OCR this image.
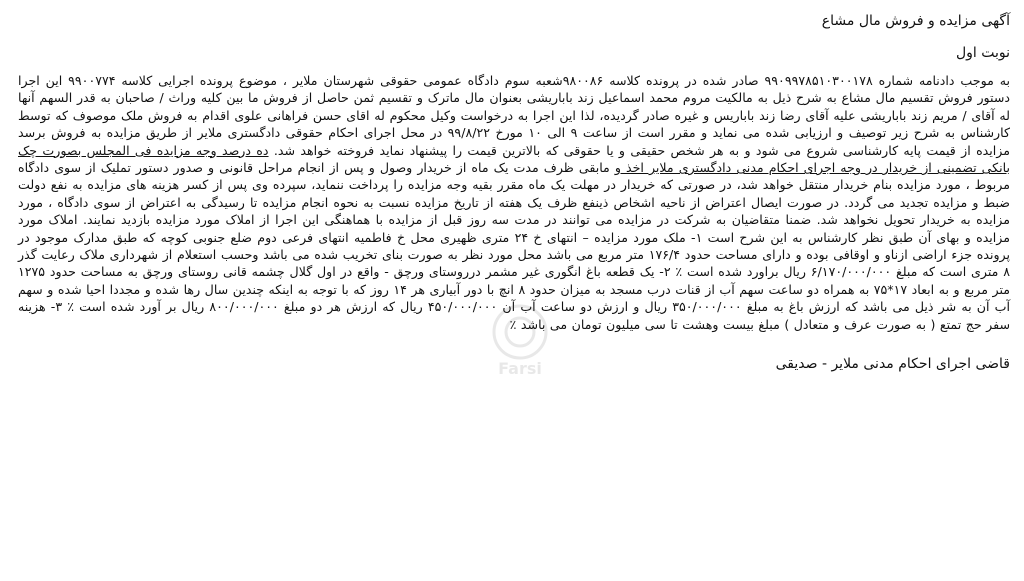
آگهی مزایده و فروش مال مشاع
نوبت اول
به موجب دادنامه شماره ۹۹۰۹۹۷۸۵۱۰۳۰۰۱۷۸ صادر شده در پرونده کلاسه ۹۸۰۰۸۶شعبه سوم دادگاه عمومی حقوقی شهرستان ملایر ، موضوع پرونده اجرایی کلاسه ۹۹۰۰۷۷۴ این اجرا دستور فروش تقسیم مال مشاع به شرح ذیل به مالکیت مروم محمد اسماعیل زند باباریشی بعنوان مال ماترک و تقسیم ثمن حاصل از فروش ما بین کلیه وراث / صاحبان به قدر السهم آنها له آقای / مریم زند باباریشی علیه آقای رضا زند باباریس و غیره صادر گردیده، لذا این اجرا به درخواست وکیل محکوم له اقای حسن فراهانی علوی اقدام به فروش ملک موصوف که توسط کارشناس به شرح زیر توصیف و ارزیابی شده می نماید و مقرر است از ساعت ۹ الی ۱۰ مورخ ۹۹/۸/۲۲ در محل اجرای احکام حقوقی دادگستری ملایر از طریق مزایده به فروش برسد مزایده از قیمت پایه کارشناسی شروع می شود و به هر شخص حقیقی و یا حقوقی که بالاترین قیمت را پیشنهاد نماید فروخته خواهد شد. ده درصد وجه مزایده فی المجلس بصورت چک بانکی تضمینی از خریدار در وجه اجرای احکام مدنی دادگستری ملایر اخذ و مابقی ظرف مدت یک ماه از خریدار وصول و پس از انجام مراحل قانونی و صدور دستور تملیک از سوی دادگاه مربوط ، مورد مزایده بنام خریدار منتقل خواهد شد، در صورتی که خریدار در مهلت یک ماه مقرر بقیه وجه مزایده را پرداخت ننماید، سپرده وی پس از کسر هزینه های مزایده به نفع دولت ضبط و مزایده تجدید می گردد. در صورت ایصال اعتراض از ناحیه اشخاص ذینفع ظرف یک هفته از تاریخ مزایده نسبت به نحوه انجام مزایده تا رسیدگی به اعتراض از سوی دادگاه ، مورد مزایده به خریدار تحویل نخواهد شد. ضمنا متقاضیان به شرکت در مزایده می توانند در مدت سه روز قبل از مزایده با هماهنگی این اجرا از املاک مورد مزایده بازدید نمایند. املاک مورد مزایده و بهای آن طبق نظر کارشناس به این شرح است ۱- ملک مورد مزایده – انتهای خ ۲۴ متری ظهیری محل خ فاطمیه انتهای فرعی دوم ضلع جنوبی کوچه که طبق مدارک موجود در پرونده جزء اراضی ازناو و اوقافی بوده و دارای مساحت حدود ۱۷۶/۴ متر مربع می باشد محل مورد نظر به صورت بنای تخریب شده می باشد وحسب استعلام از شهرداری ملاک رعایت گذر ۸ متری است که مبلغ ۶/۱۷۰/۰۰۰/۰۰۰ ریال براورد شده است ٪ ۲- یک قطعه باغ انگوری غیر مشمر درروستای ورچق - واقع در اول گلال چشمه قانی روستای ورچق به مساحت حدود ۱۲۷۵ متر مربع و به ابعاد ۱۷*۷۵ به همراه دو ساعت سهم آب از قنات درب مسجد به میزان حدود ۸ انچ با دور آبیاری هر ۱۴ روز که با توجه به اینکه چندین سال رها شده و مجددا احیا شده و سهم آب آن به شر ذیل می باشد که ارزش باغ به مبلغ ۳۵۰/۰۰۰/۰۰۰ ریال و ارزش دو ساعت آب آن ۴۵۰/۰۰۰/۰۰۰ ریال که ارزش هر دو مبلغ ۸۰۰/۰۰۰/۰۰۰ ریال بر آورد شده است ٪ ۳- هزینه سفر حج تمتع ( به صورت عرف و متعادل ) مبلغ بیست وهشت تا سی میلیون تومان می باشد ٪
قاضی اجرای احکام مدنی ملایر - صدیقی
Farsi
